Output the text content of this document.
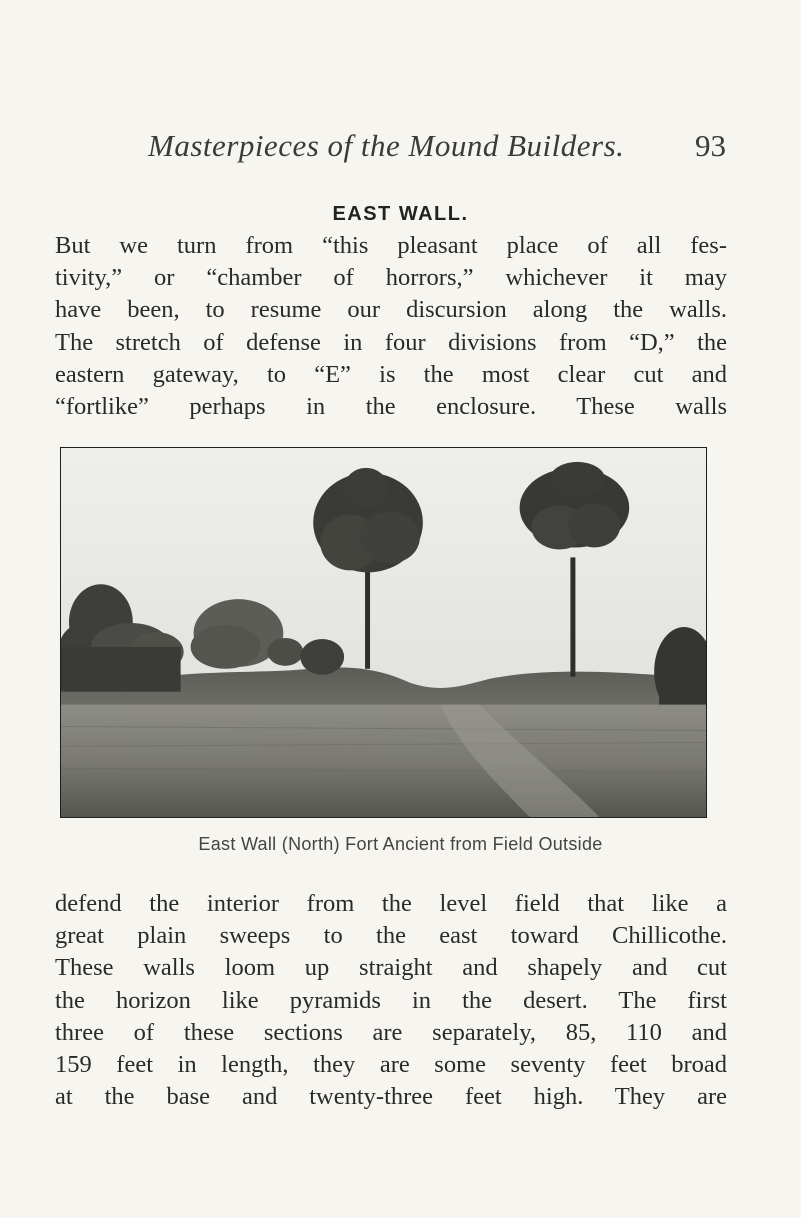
Masterpieces of the Mound Builders. 93
EAST WALL.
But we turn from “this pleasant place of all fes-
tivity,” or “chamber of horrors,” whichever it may
have been, to resume our discursion along the walls.
The stretch of defense in four divisions from “D,” the
eastern gateway, to “E” is the most clear cut and
“fortlike” perhaps in the enclosure. These walls
East Wall (North) Fort Ancient from Field Outside
defend the interior from the level field that like a
great plain sweeps to the east toward Chillicothe.
These walls loom up straight and shapely and cut
the horizon like pyramids in the desert. The first
three of these sections are separately, 85, 110 and
159 feet in length, they are some seventy feet broad
at the base and twenty-three feet high. They are
